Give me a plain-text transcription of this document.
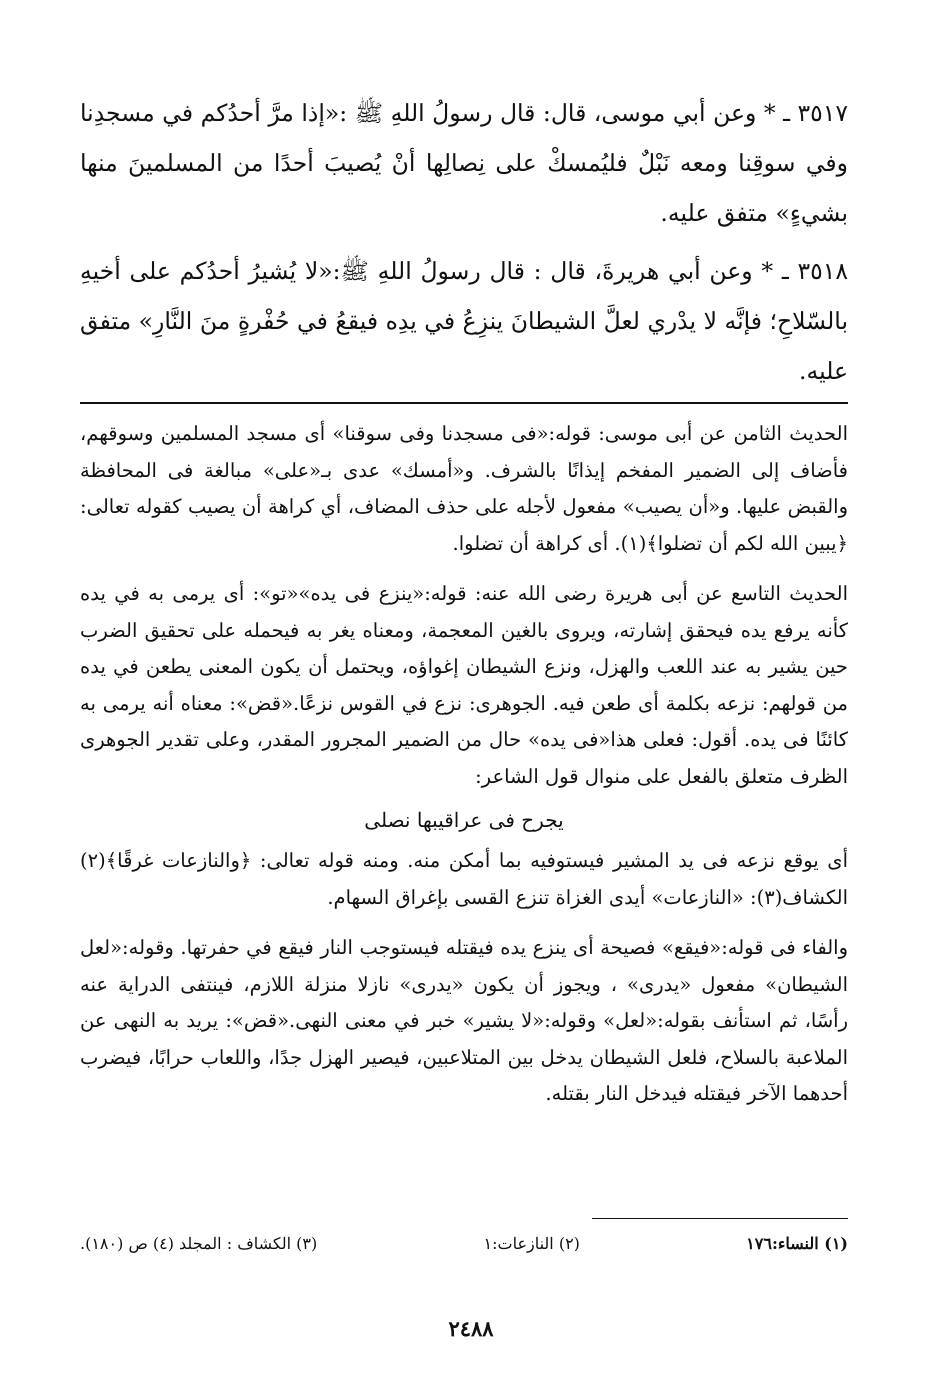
٣٥١٧ ـ * وعن أبي موسى، قال: قال رسولُ اللهِ ﷺ :«إذا مرَّ أحدُكم في مسجدِنا وفي سوقِنا ومعه نَبْلٌ فليُمسكْ على نِصالِها أنْ يُصيبَ أحدًا من المسلمينَ منها بشيءٍ» متفق عليه.

٣٥١٨ ـ * وعن أبي هريرةَ، قال : قال رسولُ اللهِ ﷺ:«لا يُشيرُ أحدُكم على أخيهِ بالسّلاحِ؛ فإنَّه لا يدْري لعلَّ الشيطانَ ينزِعُ في يدِه فيقعُ في حُفْرةٍ منَ النَّارِ» متفق عليه.

الحديث الثامن عن أبى موسى: قوله:«فى مسجدنا وفى سوقنا» أى مسجد المسلمين وسوقهم، فأضاف إلى الضمير المفخم إيذانًا بالشرف. و«أمسك» عدى بـ«على» مبالغة فى المحافظة والقبض عليها. و«أن يصيب» مفعول لأجله على حذف المضاف، أي كراهة أن يصيب كقوله تعالى: ﴿يبين الله لكم أن تضلوا﴾(١). أى كراهة أن تضلوا.

الحديث التاسع عن أبى هريرة رضى الله عنه: قوله:«ينزع فى يده»«تو»: أى يرمى به في يده كأنه يرفع يده فيحقق إشارته، ويروى بالغين المعجمة، ومعناه يغر به فيحمله على تحقيق الضرب حين يشير به عند اللعب والهزل، ونزع الشيطان إغواؤه، ويحتمل أن يكون المعنى يطعن في يده من قولهم: نزعه بكلمة أى طعن فيه. الجوهرى: نزع في القوس نزعًا.«قض»: معناه أنه يرمى به كائنًا فى يده. أقول: فعلى هذا«فى يده» حال من الضمير المجرور المقدر، وعلى تقدير الجوهرى الظرف متعلق بالفعل على منوال قول الشاعر:

يجرح فى عراقيبها نصلى

أى يوقع نزعه فى يد المشير فيستوفيه بما أمكن منه. ومنه قوله تعالى: ﴿والنازعات غرقًا﴾(٢) الكشاف(٣): «النازعات» أيدى الغزاة تنزع القسى بإغراق السهام.

والفاء فى قوله:«فيقع» فصيحة أى ينزع يده فيقتله فيستوجب النار فيقع في حفرتها. وقوله:«لعل الشيطان» مفعول «يدرى» ، ويجوز أن يكون «يدرى» نازلا منزلة اللازم، فينتفى الدراية عنه رأسًا، ثم استأنف بقوله:«لعل» وقوله:«لا يشير» خبر في معنى النهى.«قض»: يريد به النهى عن الملاعبة بالسلاح، فلعل الشيطان يدخل بين المتلاعبين، فيصير الهزل جدًا، واللعاب حرابًا، فيضرب أحدهما الآخر فيقتله فيدخل النار بقتله.

(١) النساء:١٧٦
(٢) النازعات:١
(٣) الكشاف : المجلد (٤) ص (١٨٠).
٢٤٨٨
